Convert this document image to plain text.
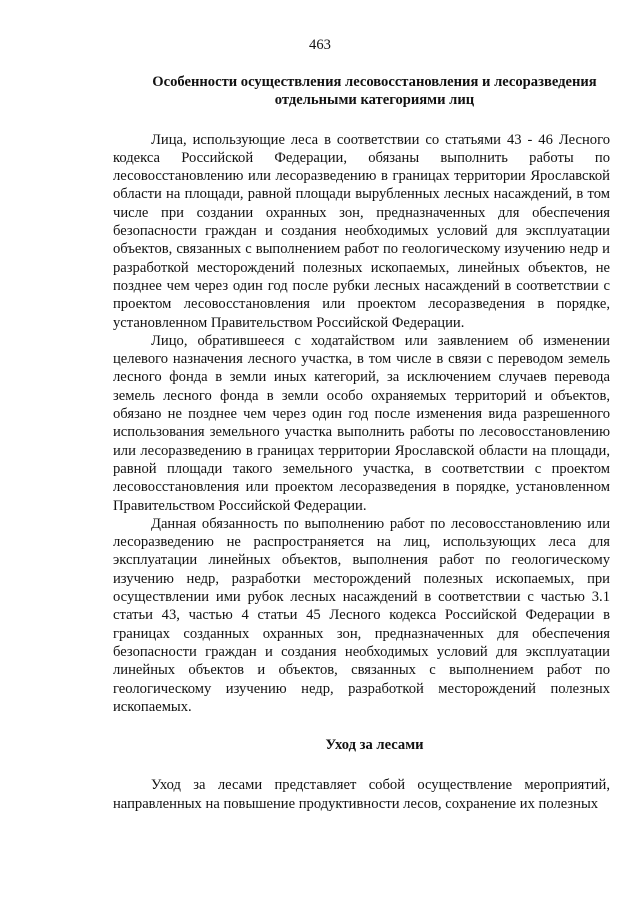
463
Особенности осуществления лесовосстановления и лесоразведения отдельными категориями лиц

Лица, использующие леса в соответствии со статьями 43 - 46 Лесного кодекса Российской Федерации, обязаны выполнить работы по лесовосстановлению или лесоразведению в границах территории Ярославской области на площади, равной площади вырубленных лесных насаждений, в том числе при создании охранных зон, предназначенных для обеспечения безопасности граждан и создания необходимых условий для эксплуатации объектов, связанных с выполнением работ по геологическому изучению недр и разработкой месторождений полезных ископаемых, линейных объектов, не позднее чем через один год после рубки лесных насаждений в соответствии с проектом лесовосстановления или проектом лесоразведения в порядке, установленном Правительством Российской Федерации.

Лицо, обратившееся с ходатайством или заявлением об изменении целевого назначения лесного участка, в том числе в связи с переводом земель лесного фонда в земли иных категорий, за исключением случаев перевода земель лесного фонда в земли особо охраняемых территорий и объектов, обязано не позднее чем через один год после изменения вида разрешенного использования земельного участка выполнить работы по лесовосстановлению или лесоразведению в границах территории Ярославской области на площади, равной площади такого земельного участка, в соответствии с проектом лесовосстановления или проектом лесоразведения в порядке, установленном Правительством Российской Федерации.

Данная обязанность по выполнению работ по лесовосстановлению или лесоразведению не распространяется на лиц, использующих леса для эксплуатации линейных объектов, выполнения работ по геологическому изучению недр, разработки месторождений полезных ископаемых, при осуществлении ими рубок лесных насаждений в соответствии с частью 3.1 статьи 43, частью 4 статьи 45 Лесного кодекса Российской Федерации в границах созданных охранных зон, предназначенных для обеспечения безопасности граждан и создания необходимых условий для эксплуатации линейных объектов и объектов, связанных с выполнением работ по геологическому изучению недр, разработкой месторождений полезных ископаемых.

Уход за лесами

Уход за лесами представляет собой осуществление мероприятий, направленных на повышение продуктивности лесов, сохранение их полезных
